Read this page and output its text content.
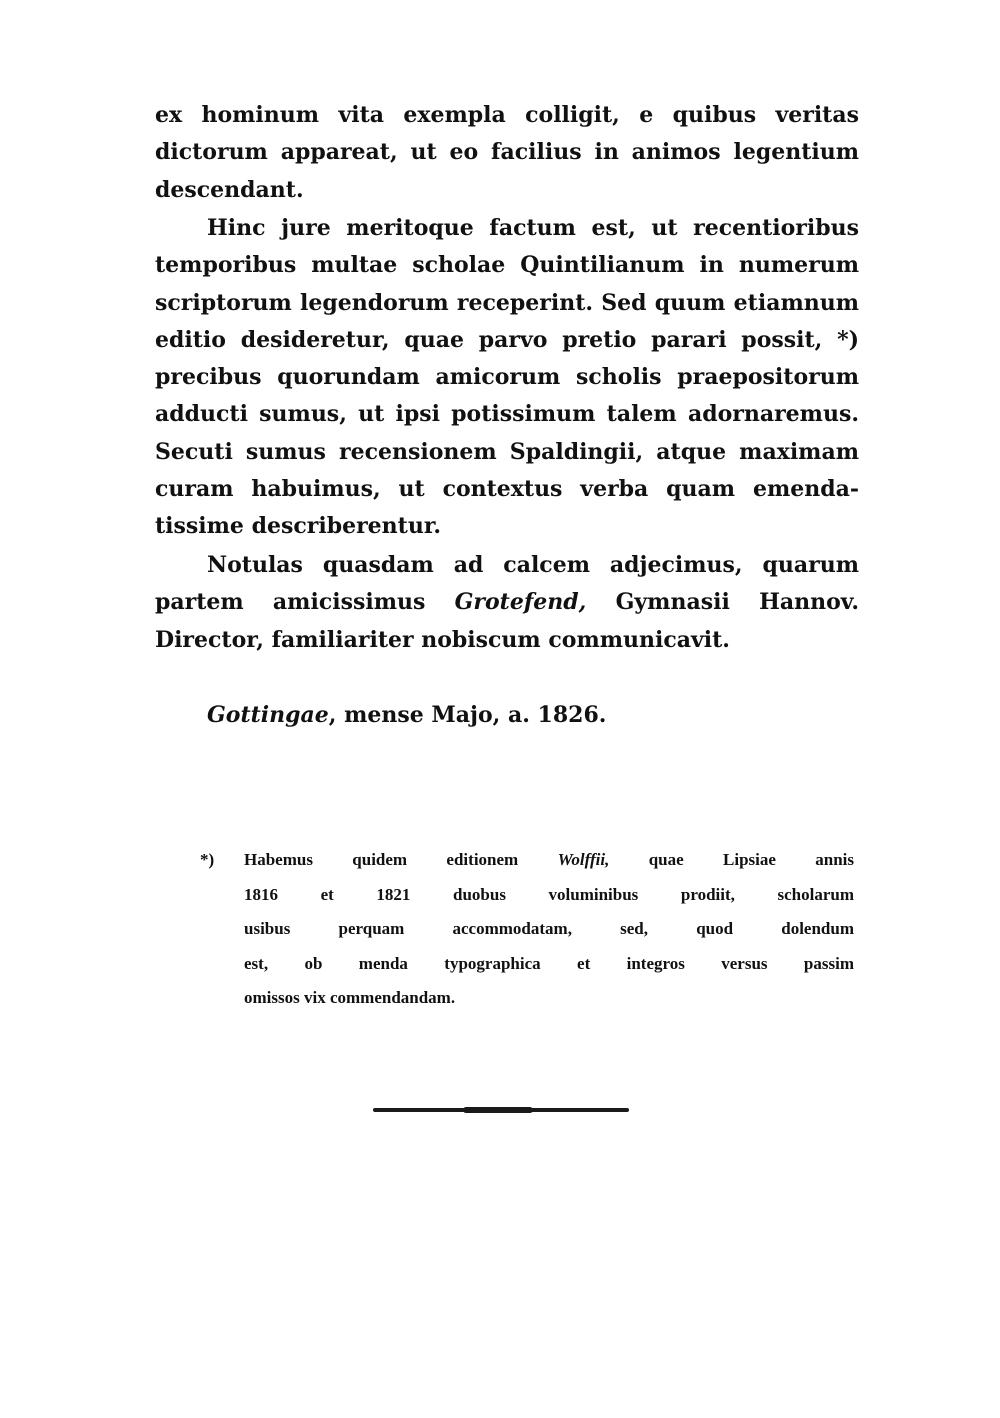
ex hominum vita exempla colligit, e quibus veritas
dictorum appareat, ut eo facilius in animos legentium
descendant.
Hinc jure meritoque factum est, ut recentioribus
temporibus multae scholae Quintilianum in numerum
scriptorum legendorum receperint. Sed quum etiamnum
editio desideretur, quae parvo pretio parari possit, *)
precibus quorundam amicorum scholis praepositorum
adducti sumus, ut ipsi potissimum talem adornaremus.
Secuti sumus recensionem Spaldingii, atque maximam
curam habuimus, ut contextus verba quam emenda-
tissime describerentur.
Notulas quasdam ad calcem adjecimus, quarum
partem amicissimus Grotefend, Gymnasii Hannov.
Director, familiariter nobiscum communicavit.
Gottingae, mense Majo, a. 1826.
*) Habemus quidem editionem Wolffii, quae Lipsiae annis
1816 et 1821 duobus voluminibus prodiit, scholarum
usibus perquam accommodatam, sed, quod dolendum
est, ob menda typographica et integros versus passim
omissos vix commendandam.
